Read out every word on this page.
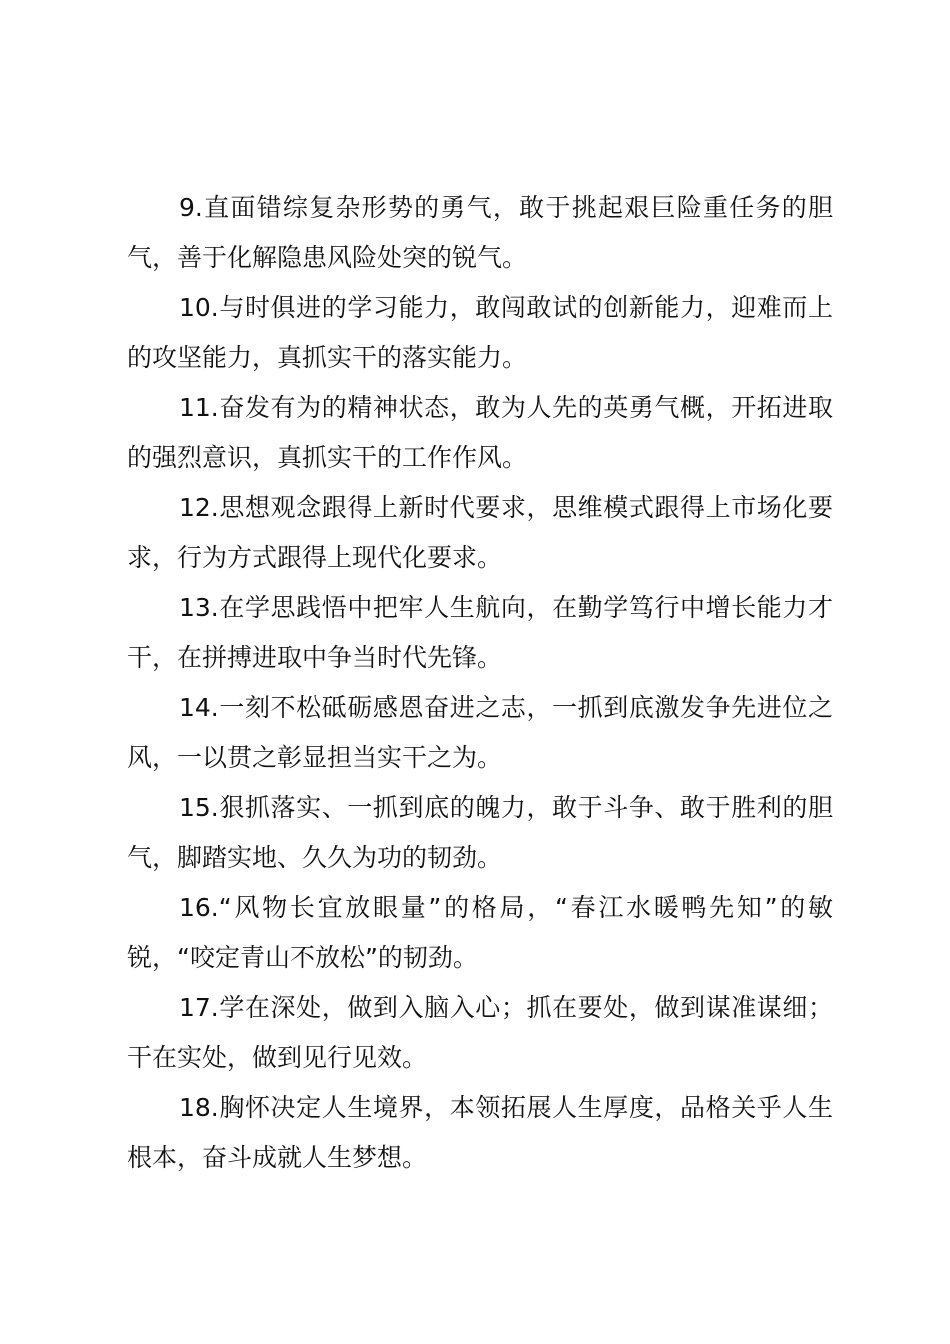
9.直面错综复杂形势的勇气，敢于挑起艰巨险重任务的胆气，善于化解隐患风险处突的锐气。

10.与时俱进的学习能力，敢闯敢试的创新能力，迎难而上的攻坚能力，真抓实干的落实能力。

11.奋发有为的精神状态，敢为人先的英勇气概，开拓进取的强烈意识，真抓实干的工作作风。

12.思想观念跟得上新时代要求，思维模式跟得上市场化要求，行为方式跟得上现代化要求。

13.在学思践悟中把牢人生航向，在勤学笃行中增长能力才干，在拼搏进取中争当时代先锋。

14.一刻不松砥砺感恩奋进之志，一抓到底激发争先进位之风，一以贯之彰显担当实干之为。

15.狠抓落实、一抓到底的魄力，敢于斗争、敢于胜利的胆气，脚踏实地、久久为功的韧劲。

16.“风物长宜放眼量”的格局，“春江水暖鸭先知”的敏锐，“咬定青山不放松”的韧劲。

17.学在深处，做到入脑入心；抓在要处，做到谋准谋细；干在实处，做到见行见效。

18.胸怀决定人生境界，本领拓展人生厚度，品格关乎人生根本，奋斗成就人生梦想。
